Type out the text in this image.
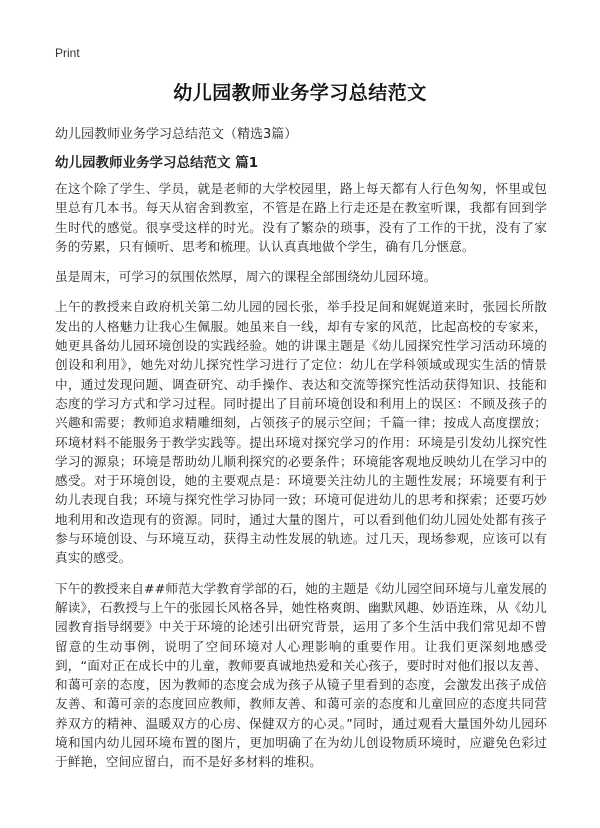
Print
幼儿园教师业务学习总结范文

幼儿园教师业务学习总结范文（精选3篇）

幼儿园教师业务学习总结范文 篇1

在这个除了学生、学员，就是老师的大学校园里，路上每天都有人行色匆匆，怀里或包里总有几本书。每天从宿舍到教室，不管是在路上行走还是在教室听课，我都有回到学生时代的感觉。很享受这样的时光。没有了繁杂的琐事，没有了工作的干扰，没有了家务的劳累，只有倾听、思考和梳理。认认真真地做个学生，确有几分惬意。

虽是周末，可学习的氛围依然厚，周六的课程全部围绕幼儿园环境。

上午的教授来自政府机关第二幼儿园的园长张，举手投足间和娓娓道来时，张园长所散发出的人格魅力让我心生佩服。她虽来自一线，却有专家的风范，比起高校的专家来，她更具备幼儿园环境创设的实践经验。她的讲课主题是《幼儿园探究性学习活动环境的创设和利用》，她先对幼儿探究性学习进行了定位：幼儿在学科领域或现实生活的情景中，通过发现问题、调查研究、动手操作、表达和交流等探究性活动获得知识、技能和态度的学习方式和学习过程。同时提出了目前环境创设和利用上的误区：不顾及孩子的兴趣和需要；教师追求精雕细刻，占领孩子的展示空间；千篇一律；按成人高度摆放；环境材料不能服务于教学实践等。提出环境对探究学习的作用：环境是引发幼儿探究性学习的源泉；环境是帮助幼儿顺利探究的必要条件；环境能客观地反映幼儿在学习中的感受。对于环境创设，她的主要观点是：环境要关注幼儿的主题性发展；环境要有利于幼儿表现自我；环境与探究性学习协同一致；环境可促进幼儿的思考和探索；还要巧妙地利用和改造现有的资源。同时，通过大量的图片，可以看到他们幼儿园处处都有孩子参与环境创设、与环境互动，获得主动性发展的轨迹。过几天，现场参观，应该可以有真实的感受。

下午的教授来自##师范大学教育学部的石，她的主题是《幼儿园空间环境与儿童发展的解读》，石教授与上午的张园长风格各异，她性格爽朗、幽默风趣、妙语连珠，从《幼儿园教育指导纲要》中关于环境的论述引出研究背景，运用了多个生活中我们常见却不曾留意的生动事例，说明了空间环境对人心理影响的重要作用。让我们更深刻地感受到，“面对正在成长中的儿童，教师要真诚地热爱和关心孩子，要时时对他们报以友善、和蔼可亲的态度，因为教师的态度会成为孩子从镜子里看到的态度，会激发出孩子成倍友善、和蔼可亲的态度回应教师，教师友善、和蔼可亲的态度和儿童回应的态度共同营养双方的精神、温暖双方的心房、保健双方的心灵。”同时，通过观看大量国外幼儿园环境和国内幼儿园环境布置的图片，更加明确了在为幼儿创设物质环境时，应避免色彩过于鲜艳，空间应留白，而不是好多材料的堆积。
